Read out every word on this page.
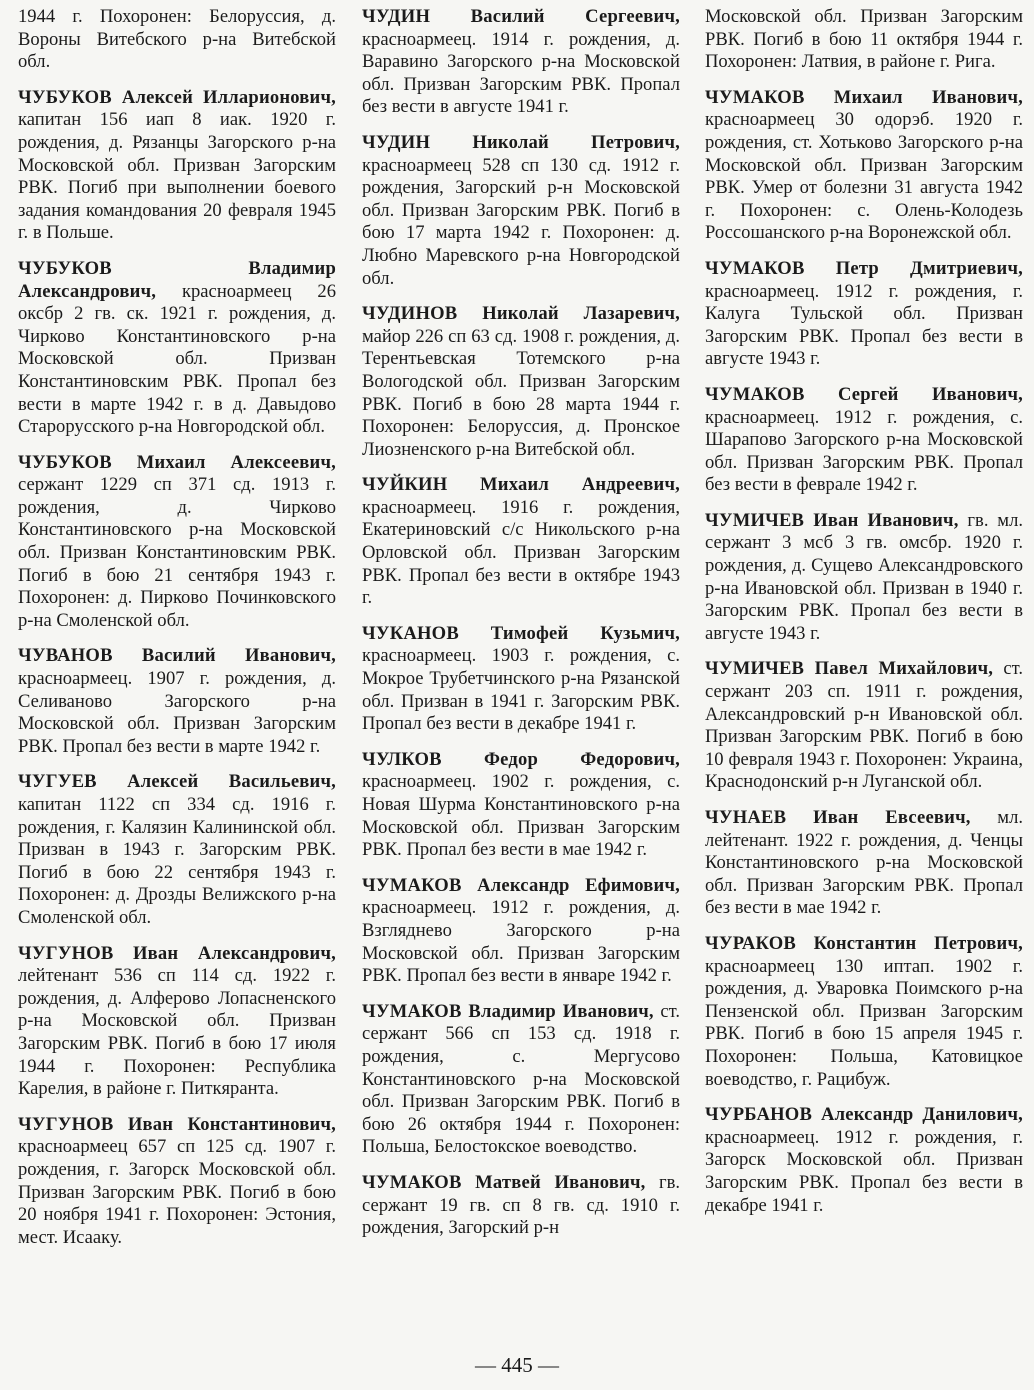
1944 г. Похоронен: Белоруссия, д. Вороны Витебского р-на Витебской обл.

ЧУБУКОВ Алексей Илларионович, капитан 156 иап 8 иак. 1920 г. рождения, д. Рязанцы Загорского р-на Московской обл. Призван Загорским РВК. Погиб при выполнении боевого задания командования 20 февраля 1945 г. в Польше.

ЧУБУКОВ Владимир Александрович, красноармеец 26 оксбр 2 гв. ск. 1921 г. рождения, д. Чирково Константиновского р-на Московской обл. Призван Константиновским РВК. Пропал без вести в марте 1942 г. в д. Давыдово Старорусского р-на Новгородской обл.

ЧУБУКОВ Михаил Алексеевич, сержант 1229 сп 371 сд. 1913 г. рождения, д. Чирково Константиновского р-на Московской обл. Призван Константиновским РВК. Погиб в бою 21 сентября 1943 г. Похоронен: д. Пирково Починковского р-на Смоленской обл.

ЧУВАНОВ Василий Иванович, красноармеец. 1907 г. рождения, д. Селиваново Загорского р-на Московской обл. Призван Загорским РВК. Пропал без вести в марте 1942 г.

ЧУГУЕВ Алексей Васильевич, капитан 1122 сп 334 сд. 1916 г. рождения, г. Калязин Калининской обл. Призван в 1943 г. Загорским РВК. Погиб в бою 22 сентября 1943 г. Похоронен: д. Дрозды Велижского р-на Смоленской обл.

ЧУГУНОВ Иван Александрович, лейтенант 536 сп 114 сд. 1922 г. рождения, д. Алферово Лопасненского р-на Московской обл. Призван Загорским РВК. Погиб в бою 17 июля 1944 г. Похоронен: Республика Карелия, в районе г. Питкяранта.

ЧУГУНОВ Иван Константинович, красноармеец 657 сп 125 сд. 1907 г. рождения, г. Загорск Московской обл. Призван Загорским РВК. Погиб в бою 20 ноября 1941 г. Похоронен: Эстония, мест. Исааку.

ЧУДИН Василий Сергеевич, красноармеец. 1914 г. рождения, д. Варавино Загорского р-на Московской обл. Призван Загорским РВК. Пропал без вести в августе 1941 г.

ЧУДИН Николай Петрович, красноармеец 528 сп 130 сд. 1912 г. рождения, Загорский р-н Московской обл. Призван Загорским РВК. Погиб в бою 17 марта 1942 г. Похоронен: д. Любно Маревского р-на Новгородской обл.

ЧУДИНОВ Николай Лазаревич, майор 226 сп 63 сд. 1908 г. рождения, д. Терентьевская Тотемского р-на Вологодской обл. Призван Загорским РВК. Погиб в бою 28 марта 1944 г. Похоронен: Белоруссия, д. Пронское Лиозненского р-на Витебской обл.

ЧУЙКИН Михаил Андреевич, красноармеец. 1916 г. рождения, Екатериновский с/с Никольского р-на Орловской обл. Призван Загорским РВК. Пропал без вести в октябре 1943 г.

ЧУКАНОВ Тимофей Кузьмич, красноармеец. 1903 г. рождения, с. Мокрое Трубетчинского р-на Рязанской обл. Призван в 1941 г. Загорским РВК. Пропал без вести в декабре 1941 г.

ЧУЛКОВ Федор Федорович, красноармеец. 1902 г. рождения, с. Новая Шурма Константиновского р-на Московской обл. Призван Загорским РВК. Пропал без вести в мае 1942 г.

ЧУМАКОВ Александр Ефимович, красноармеец. 1912 г. рождения, д. Взгляднево Загорского р-на Московской обл. Призван Загорским РВК. Пропал без вести в январе 1942 г.

ЧУМАКОВ Владимир Иванович, ст. сержант 566 сп 153 сд. 1918 г. рождения, с. Мергусово Константиновского р-на Московской обл. Призван Загорским РВК. Погиб в бою 26 октября 1944 г. Похоронен: Польша, Белостокское воеводство.

ЧУМАКОВ Матвей Иванович, гв. сержант 19 гв. сп 8 гв. сд. 1910 г. рождения, Загорский р-н

Московской обл. Призван Загорским РВК. Погиб в бою 11 октября 1944 г. Похоронен: Латвия, в районе г. Рига.

ЧУМАКОВ Михаил Иванович, красноармеец 30 одорэб. 1920 г. рождения, ст. Хотьково Загорского р-на Московской обл. Призван Загорским РВК. Умер от болезни 31 августа 1942 г. Похоронен: с. Олень-Колодезь Россошанского р-на Воронежской обл.

ЧУМАКОВ Петр Дмитриевич, красноармеец. 1912 г. рождения, г. Калуга Тульской обл. Призван Загорским РВК. Пропал без вести в августе 1943 г.

ЧУМАКОВ Сергей Иванович, красноармеец. 1912 г. рождения, с. Шарапово Загорского р-на Московской обл. Призван Загорским РВК. Пропал без вести в феврале 1942 г.

ЧУМИЧЕВ Иван Иванович, гв. мл. сержант 3 мсб 3 гв. омсбр. 1920 г. рождения, д. Сущево Александровского р-на Ивановской обл. Призван в 1940 г. Загорским РВК. Пропал без вести в августе 1943 г.

ЧУМИЧЕВ Павел Михайлович, ст. сержант 203 сп. 1911 г. рождения, Александровский р-н Ивановской обл. Призван Загорским РВК. Погиб в бою 10 февраля 1943 г. Похоронен: Украина, Краснодонский р-н Луганской обл.

ЧУНАЕВ Иван Евсеевич, мл. лейтенант. 1922 г. рождения, д. Ченцы Константиновского р-на Московской обл. Призван Загорским РВК. Пропал без вести в мае 1942 г.

ЧУРАКОВ Константин Петрович, красноармеец 130 иптап. 1902 г. рождения, д. Уваровка Поимского р-на Пензенской обл. Призван Загорским РВК. Погиб в бою 15 апреля 1945 г. Похоронен: Польша, Катовицкое воеводство, г. Рацибуж.

ЧУРБАНОВ Александр Данилович, красноармеец. 1912 г. рождения, г. Загорск Московской обл. Призван Загорским РВК. Пропал без вести в декабре 1941 г.

— 445 —
